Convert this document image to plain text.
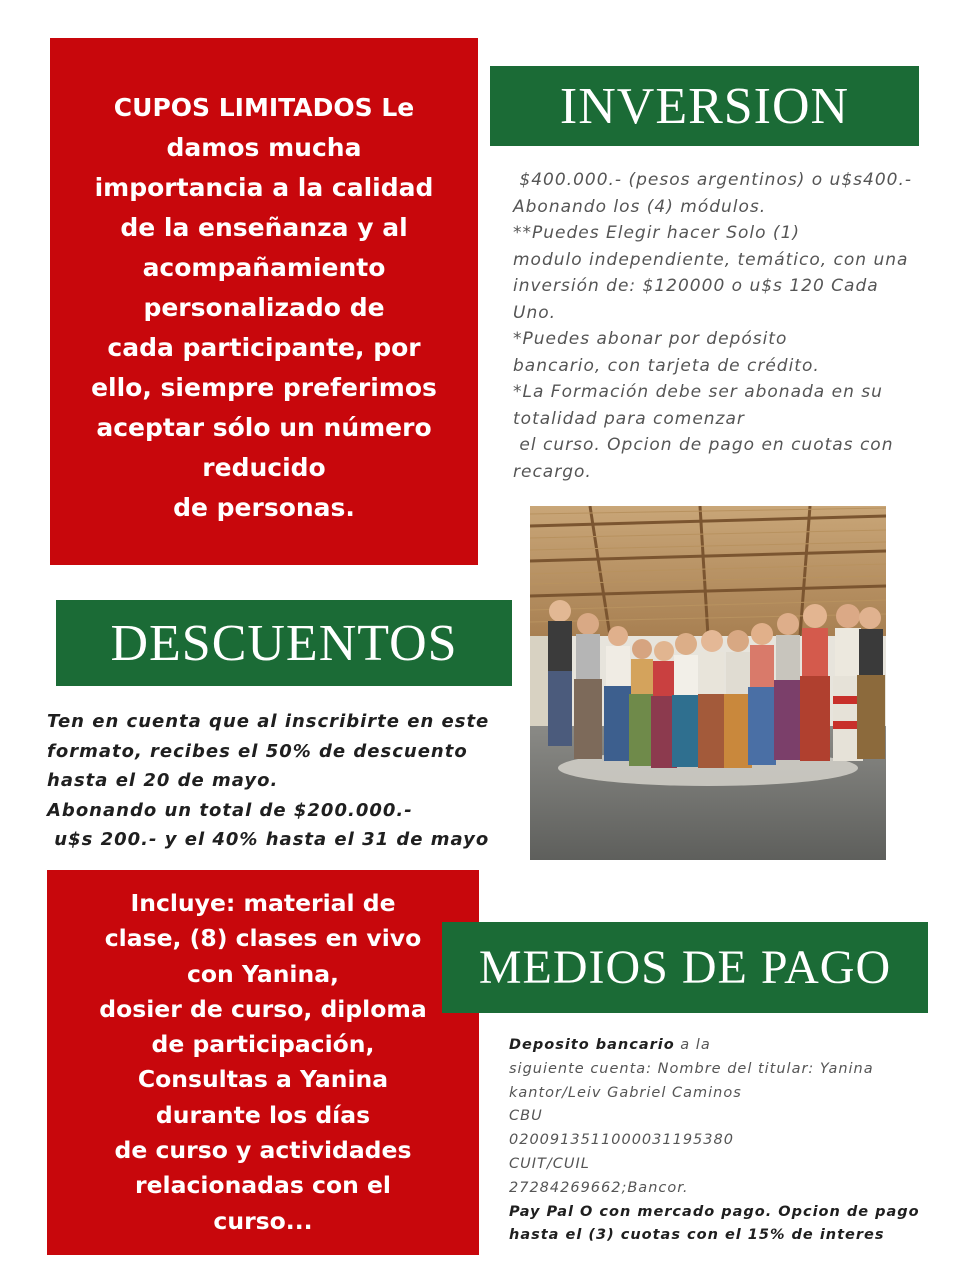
CUPOS LIMITADOS Le

damos mucha

importancia a la calidad

de la enseñanza y al

acompañamiento

personalizado de

cada participante, por

ello, siempre preferimos

aceptar sólo un número

reducido

de personas.

INVERSION
$400.000.- (pesos argentinos) o u$s400.-
Abonando los (4) módulos.
**Puedes Elegir hacer Solo (1)
modulo independiente, temático, con una
inversión de: $120000 o u$s 120 Cada
Uno.
*Puedes abonar por depósito
bancario, con tarjeta de crédito.
*La Formación debe ser abonada en su
totalidad para comenzar
el curso. Opcion de pago en cuotas con
recargo.
DESCUENTOS
Ten en cuenta que al inscribirte en este
formato, recibes el 50% de descuento
hasta el 20 de mayo.
Abonando un total de $200.000.-
u$s 200.- y el 40% hasta el 31 de mayo

Incluye: material de

clase, (8) clases en vivo

con Yanina,

dosier de curso, diploma

de participación,

Consultas a Yanina

durante los días

de curso y actividades

relacionadas con el

curso...

MEDIOS DE PAGO
Deposito bancario a la
siguiente cuenta: Nombre del titular: Yanina
kantor/Leiv Gabriel Caminos
CBU
0200913511000031195380
CUIT/CUIL
27284269662;Bancor.
Pay Pal O con mercado pago. Opcion de pago
hasta el (3) cuotas con el 15% de interes
